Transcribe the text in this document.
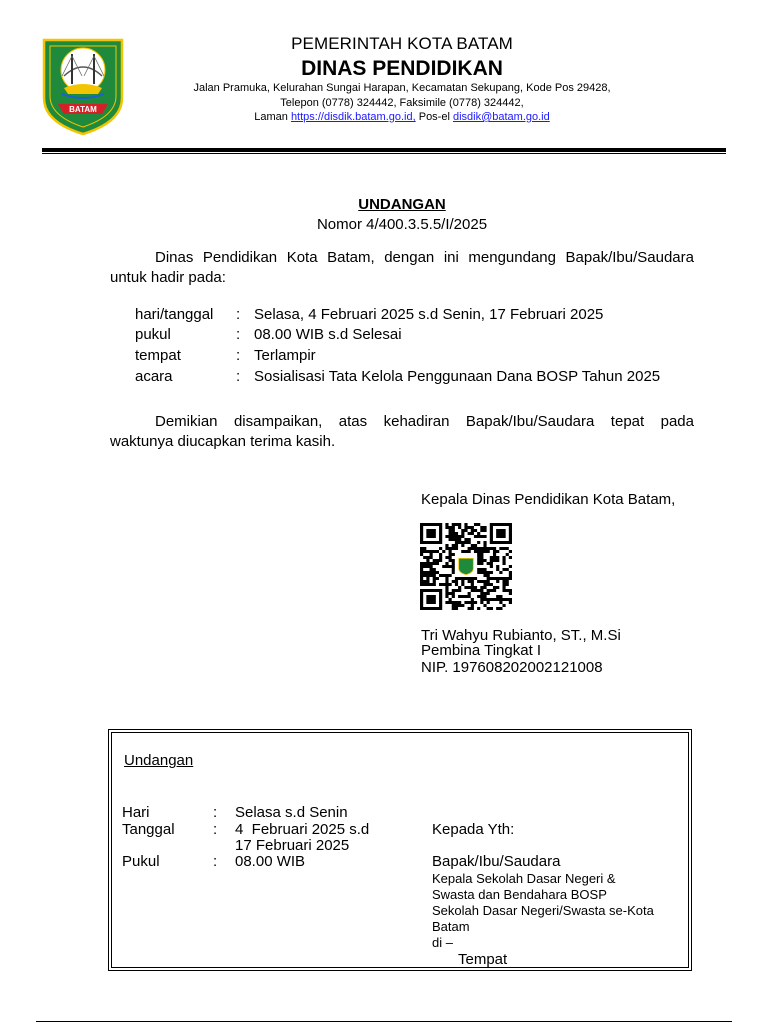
BATAM
PEMERINTAH KOTA BATAM
DINAS PENDIDIKAN
Jalan Pramuka, Kelurahan Sungai Harapan, Kecamatan Sekupang, Kode Pos 29428,
Telepon (0778) 324442, Faksimile (0778) 324442,
Laman https://disdik.batam.go.id, Pos-el disdik@batam.go.id
UNDANGAN
Nomor 4/400.3.5.5/I/2025
Dinas Pendidikan Kota Batam, dengan ini mengundang Bapak/Ibu/Saudara
untuk hadir pada:
hari/tanggal : Selasa, 4 Februari 2025 s.d Senin, 17 Februari 2025
pukul	: 08.00 WIB s.d Selesai
tempat	: Terlampir
acara	: Sosialisasi Tata Kelola Penggunaan Dana BOSP Tahun 2025
Demikian disampaikan, atas kehadiran Bapak/Ibu/Saudara tepat pada
waktunya diucapkan terima kasih.
Kepala Dinas Pendidikan Kota Batam,
Tri Wahyu Rubianto, ST., M.Si
Pembina Tingkat I
NIP. 197608202002121008
Undangan
Hari	: Selasa s.d Senin
Tanggal	: 4  Februari 2025 s.d
17 Februari 2025
Pukul	: 08.00 WIB
Kepada Yth:
Bapak/Ibu/Saudara
Kepala Sekolah Dasar Negeri &
Swasta dan Bendahara BOSP
Sekolah Dasar Negeri/Swasta se-Kota
Batam
di –
Tempat
